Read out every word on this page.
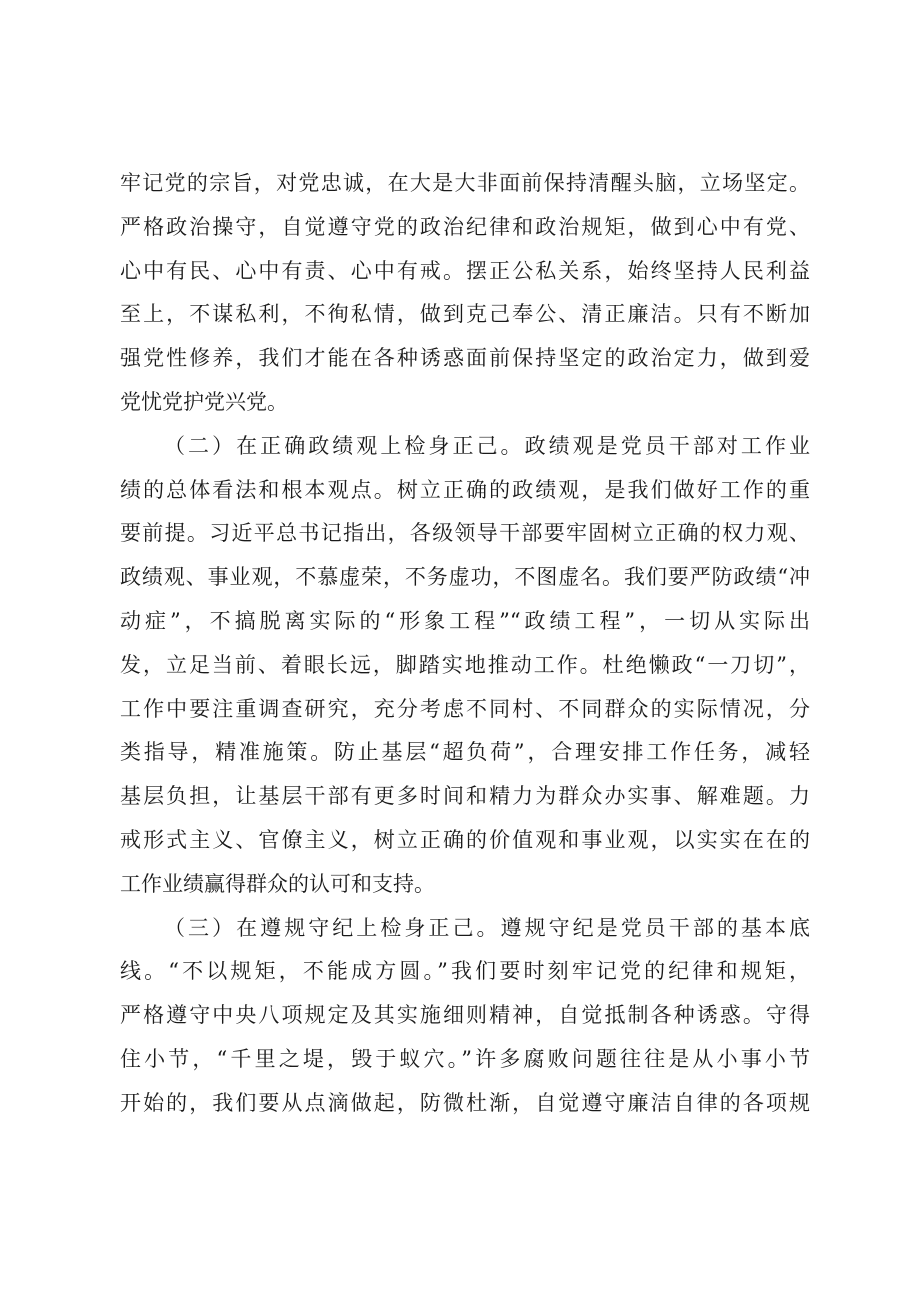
牢记党的宗旨，对党忠诚，在大是大非面前保持清醒头脑，立场坚定。
严格政治操守，自觉遵守党的政治纪律和政治规矩，做到心中有党、
心中有民、心中有责、心中有戒。摆正公私关系，始终坚持人民利益
至上，不谋私利，不徇私情，做到克己奉公、清正廉洁。只有不断加
强党性修养，我们才能在各种诱惑面前保持坚定的政治定力，做到爱
党忧党护党兴党。
（二）在正确政绩观上检身正己。政绩观是党员干部对工作业
绩的总体看法和根本观点。树立正确的政绩观，是我们做好工作的重
要前提。习近平总书记指出，各级领导干部要牢固树立正确的权力观、
政绩观、事业观，不慕虚荣，不务虚功，不图虚名。我们要严防政绩“冲
动症”，不搞脱离实际的“形象工程”“政绩工程”，一切从实际出
发，立足当前、着眼长远，脚踏实地推动工作。杜绝懒政“一刀切”，
工作中要注重调查研究，充分考虑不同村、不同群众的实际情况，分
类指导，精准施策。防止基层“超负荷”，合理安排工作任务，减轻
基层负担，让基层干部有更多时间和精力为群众办实事、解难题。力
戒形式主义、官僚主义，树立正确的价值观和事业观，以实实在在的
工作业绩赢得群众的认可和支持。
（三）在遵规守纪上检身正己。遵规守纪是党员干部的基本底
线。“不以规矩，不能成方圆。”我们要时刻牢记党的纪律和规矩，
严格遵守中央八项规定及其实施细则精神，自觉抵制各种诱惑。守得
住小节，“千里之堤，毁于蚁穴。”许多腐败问题往往是从小事小节
开始的，我们要从点滴做起，防微杜渐，自觉遵守廉洁自律的各项规
